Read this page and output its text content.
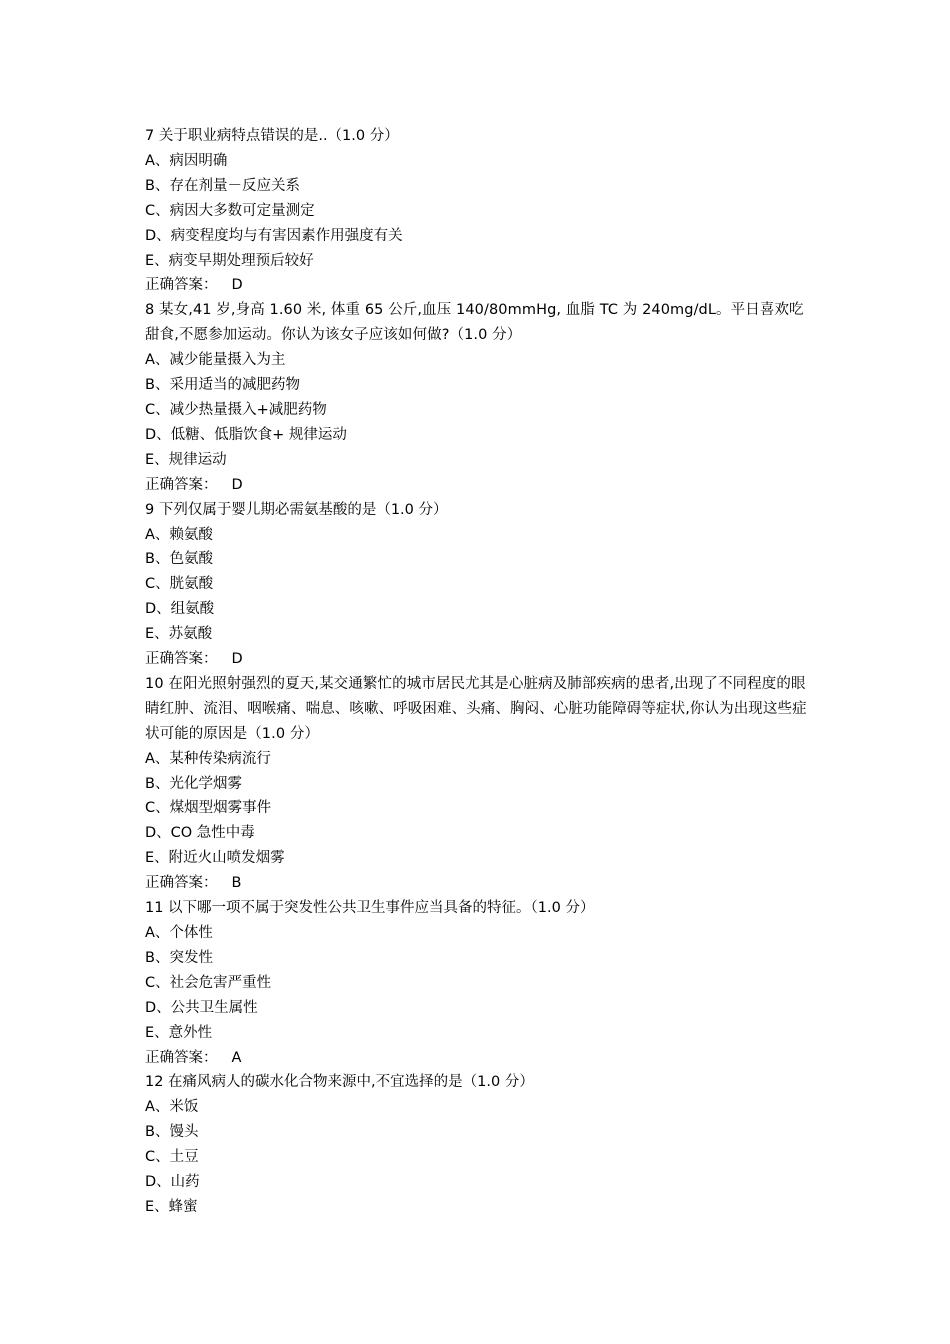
7 关于职业病特点错误的是..（1.0 分）
A、病因明确
B、存在剂量－反应关系
C、病因大多数可定量测定
D、病变程度均与有害因素作用强度有关
E、病变早期处理预后较好
正确答案： D
8 某女,41 岁,身高 1.60 米, 体重 65 公斤,血压 140/80mmHg, 血脂 TC 为 240mg/dL。平日喜欢吃甜食,不愿参加运动。你认为该女子应该如何做?（1.0 分）
A、减少能量摄入为主
B、采用适当的减肥药物
C、减少热量摄入+减肥药物
D、低糖、低脂饮食+ 规律运动
E、规律运动
正确答案： D
9 下列仅属于婴儿期必需氨基酸的是（1.0 分）
A、赖氨酸
B、色氨酸
C、胱氨酸
D、组氨酸
E、苏氨酸
正确答案： D
10 在阳光照射强烈的夏天,某交通繁忙的城市居民尤其是心脏病及肺部疾病的患者,出现了不同程度的眼睛红肿、流泪、咽喉痛、喘息、咳嗽、呼吸困难、头痛、胸闷、心脏功能障碍等症状,你认为出现这些症状可能的原因是（1.0 分）
A、某种传染病流行
B、光化学烟雾
C、煤烟型烟雾事件
D、CO 急性中毒
E、附近火山喷发烟雾
正确答案： B
11 以下哪一项不属于突发性公共卫生事件应当具备的特征。（1.0 分）
A、个体性
B、突发性
C、社会危害严重性
D、公共卫生属性
E、意外性
正确答案： A
12 在痛风病人的碳水化合物来源中,不宜选择的是（1.0 分）
A、米饭
B、馒头
C、土豆
D、山药
E、蜂蜜
